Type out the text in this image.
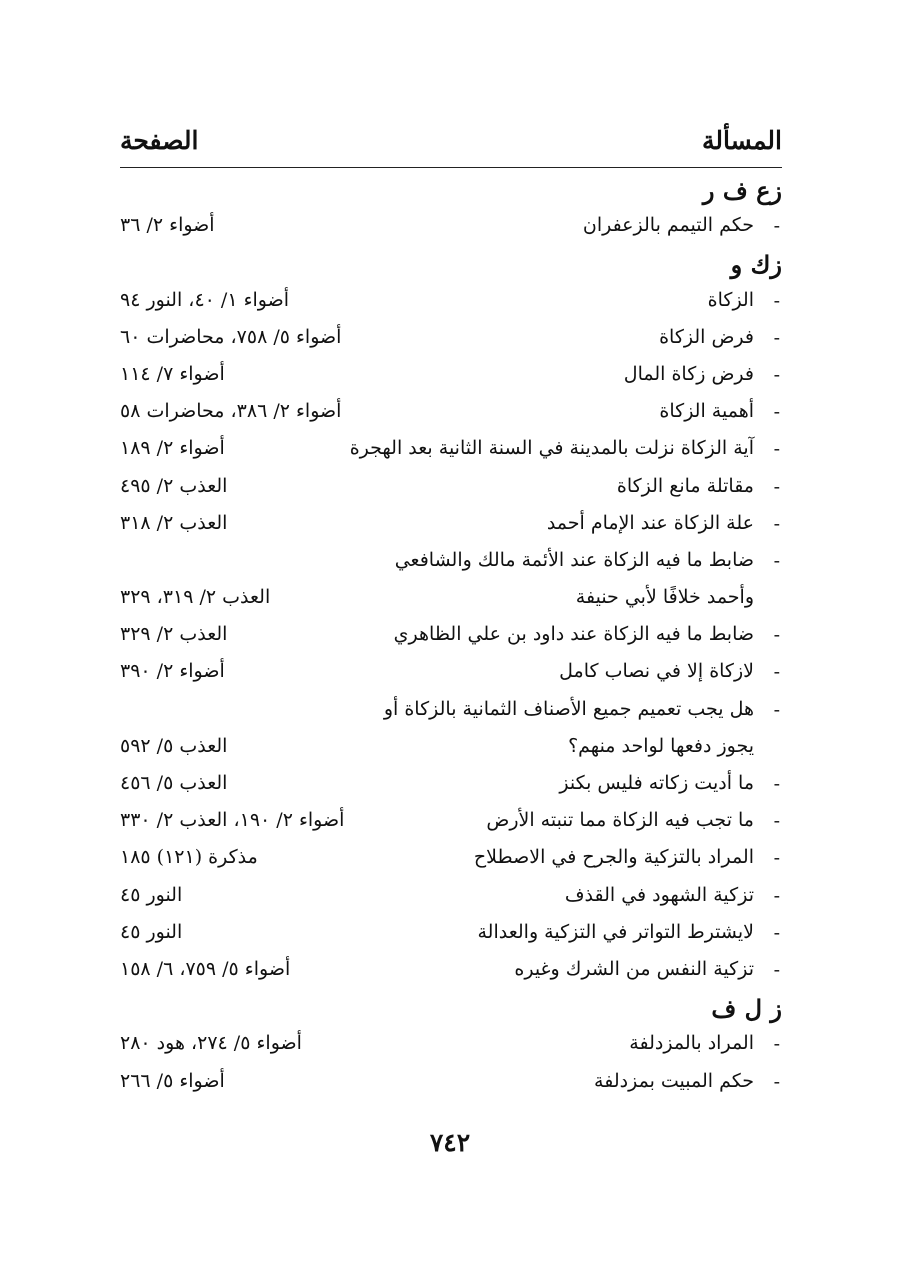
المسألة
الصفحة
زع ف ر
-
حكم التيمم بالزعفران
أضواء ٢/ ٣٦
زك و
-
الزكاة
أضواء ١/ ٤٠، النور ٩٤
-
فرض الزكاة
أضواء ٥/ ٧٥٨، محاضرات ٦٠
-
فرض زكاة المال
أضواء ٧/ ١١٤
-
أهمية الزكاة
أضواء ٢/ ٣٨٦، محاضرات ٥٨
-
آية الزكاة نزلت بالمدينة في السنة الثانية بعد الهجرة
أضواء ٢/ ١٨٩
-
مقاتلة مانع الزكاة
العذب ٢/ ٤٩٥
-
علة الزكاة عند الإمام أحمد
العذب ٢/ ٣١٨
-
ضابط ما فيه الزكاة عند الأئمة مالك والشافعي
وأحمد خلافًا لأبي حنيفة
العذب ٢/ ٣١٩، ٣٢٩
-
ضابط ما فيه الزكاة عند داود بن علي الظاهري
العذب ٢/ ٣٢٩
-
لازكاة إلا في نصاب كامل
أضواء ٢/ ٣٩٠
-
هل يجب تعميم جميع الأصناف الثمانية بالزكاة أو
يجوز دفعها لواحد منهم؟
العذب ٥/ ٥٩٢
-
ما أديت زكاته فليس بكنز
العذب ٥/ ٤٥٦
-
ما تجب فيه الزكاة مما تنبته الأرض
أضواء ٢/ ١٩٠، العذب ٢/ ٣٣٠
-
المراد بالتزكية والجرح في الاصطلاح
مذكرة (١٢١) ١٨٥
-
تزكية الشهود في القذف
النور ٤٥
-
لايشترط التواتر في التزكية والعدالة
النور ٤٥
-
تزكية النفس من الشرك وغيره
أضواء ٥/ ٧٥٩، ٦/ ١٥٨
ز ل ف
-
المراد بالمزدلفة
أضواء ٥/ ٢٧٤، هود ٢٨٠
-
حكم المبيت بمزدلفة
أضواء ٥/ ٢٦٦
٧٤٢
